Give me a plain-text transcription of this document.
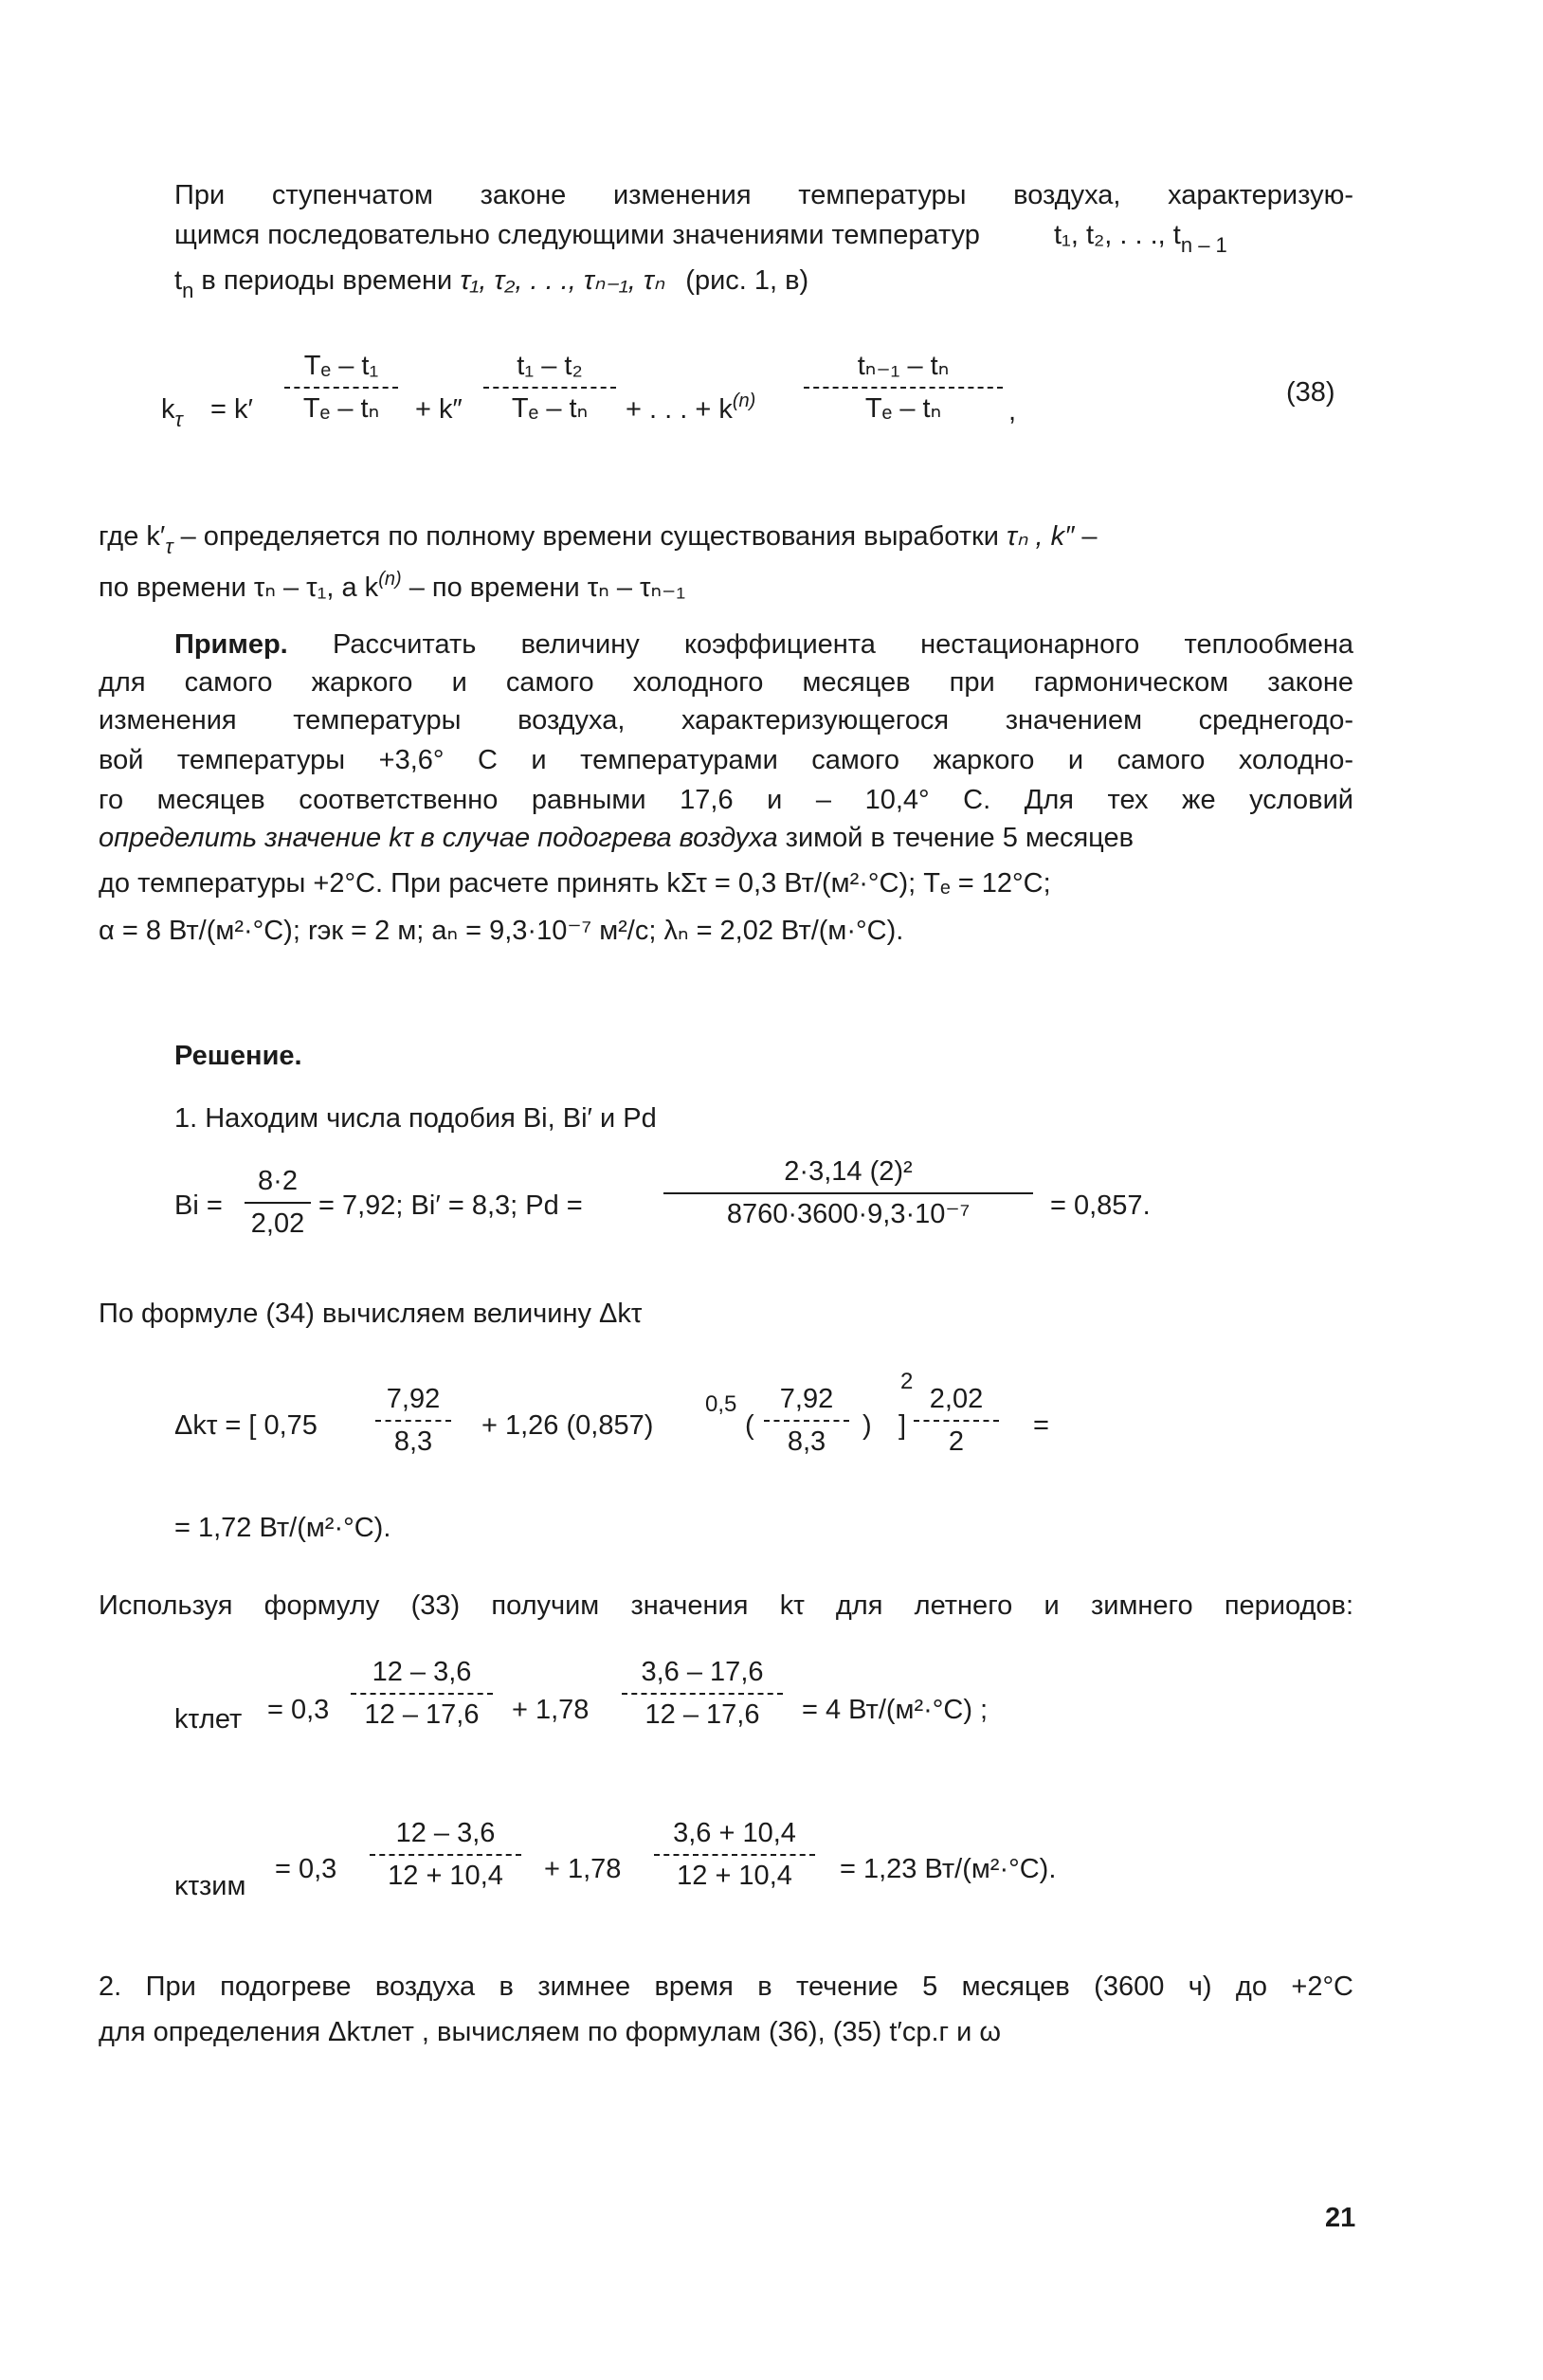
При ступенчатом законе изменения температуры воздуха, характеризую-
щимся последовательно следующими значениями температур	t₁, t₂, . . ., $t_{n - 1}$
$t_n$ в периоды времени τ₁, τ₂, . . ., τₙ₋₁, τₙ (рис. 1, в)
$k_\tau = k'$
Tₑ – t₁
Tₑ – tₙ + k″
t₁ – t₂
Tₑ – tₙ + . . . + $k^{(n)}$
tₙ₋₁ – tₙ
Tₑ – tₙ ,
(38)
где $k'_\tau$ – определяется по полному времени существования выработки τₙ , k″ –
по времени τₙ – τ₁, а $k^{(n)}$ – по времени τₙ – τₙ₋₁
Пример. Рассчитать величину коэффициента нестационарного теплообмена
для самого жаркого и самого холодного месяцев при гармоническом законе
изменения температуры воздуха, характеризующегося значением среднегодо-
вой температуры +3,6° С и температурами самого жаркого и самого холодно-
го месяцев соответственно равными 17,6 и – 10,4° С. Для тех же условий
определить значение kτ в случае подогрева воздуха зимой в течение 5 месяцев
до температуры +2°С. При расчете принять kΣτ = 0,3 Вт/(м²·°С); Tₑ = 12°С;
α = 8 Вт/(м²·°С); rэк = 2 м; aₙ = 9,3·10⁻⁷ м²/с; λₙ = 2,02 Вт/(м·°С).
Решение.
1. Находим числа подобия Bi, Bi′ и Pd
Bi =
8·2
2,02
= 7,92; Bi′ = 8,3; Pd =
2·3,14 (2)²
8760·3600·9,3·10⁻⁷	= 0,857.
По формуле (34) вычисляем величину Δkτ
Δkτ = [ 0,75
7,92
8,3
+ 1,26 (0,857)
0,5
(
7,92
8,3
)
2
]
2,02
2
=
= 1,72 Вт/(м²·°С).
Используя формулу (33) получим значения kτ для летнего и зимнего периодов:
kτлет = 0,3
12 – 3,6
12 – 17,6 + 1,78
3,6 – 17,6
12 – 17,6 = 4 Вт/(м²·°С) ;
κτзим
= 0,3
12 – 3,6
12 + 10,4 + 1,78
3,6 + 10,4
12 + 10,4 = 1,23 Вт/(м²·°С).
2. При подогреве воздуха в зимнее время в течение 5 месяцев (3600 ч) до +2°С
для определения Δkτлет , вычисляем по формулам (36), (35) t′ср.г и ω
21
